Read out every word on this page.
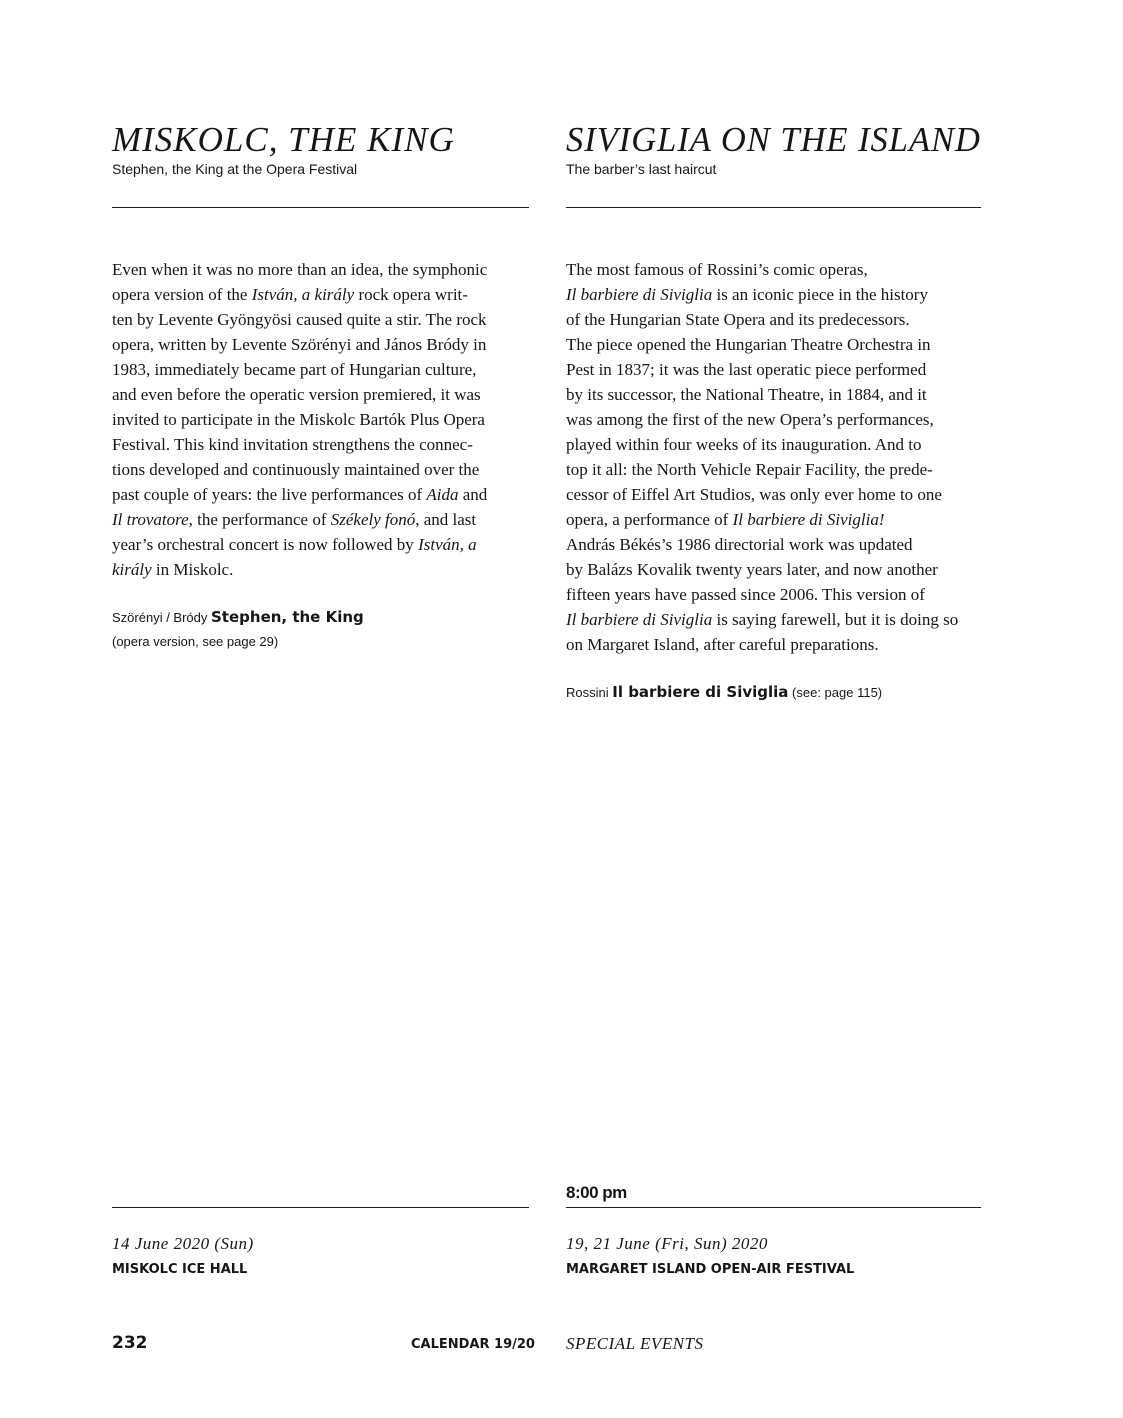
MISKOLC, THE KING
Stephen, the King at the Opera Festival
Even when it was no more than an idea, the symphonic
opera version of the István, a király rock opera writ-
ten by Levente Gyöngyösi caused quite a stir. The rock
opera, written by Levente Szörényi and János Bródy in
1983, immediately became part of Hungarian culture,
and even before the operatic version premiered, it was
invited to participate in the Miskolc Bartók Plus Opera
Festival. This kind invitation strengthens the connec-
tions developed and continuously maintained over the
past couple of years: the live performances of Aida and
Il trovatore, the performance of Székely fonó, and last
year’s orchestral concert is now followed by István, a
király in Miskolc.
Szörényi / Bródy Stephen, the King
(opera version, see page 29)
14 June 2020 (Sun)
MISKOLC ICE HALL
SIVIGLIA ON THE ISLAND
The barber’s last haircut
The most famous of Rossini’s comic operas,
Il barbiere di Siviglia is an iconic piece in the history
of the Hungarian State Opera and its predecessors.
The piece opened the Hungarian Theatre Orchestra in
Pest in 1837; it was the last operatic piece performed
by its successor, the National Theatre, in 1884, and it
was among the first of the new Opera’s performances,
played within four weeks of its inauguration. And to
top it all: the North Vehicle Repair Facility, the prede-
cessor of Eiffel Art Studios, was only ever home to one
opera, a performance of Il barbiere di Siviglia!
András Békés’s 1986 directorial work was updated
by Balázs Kovalik twenty years later, and now another
fifteen years have passed since 2006. This version of
Il barbiere di Siviglia is saying farewell, but it is doing so
on Margaret Island, after careful preparations.
Rossini Il barbiere di Siviglia (see: page 115)
8:00 pm
19, 21 June (Fri, Sun) 2020
MARGARET ISLAND OPEN-AIR FESTIVAL
232	CALENDAR 19/20 SPECIAL EVENTS
